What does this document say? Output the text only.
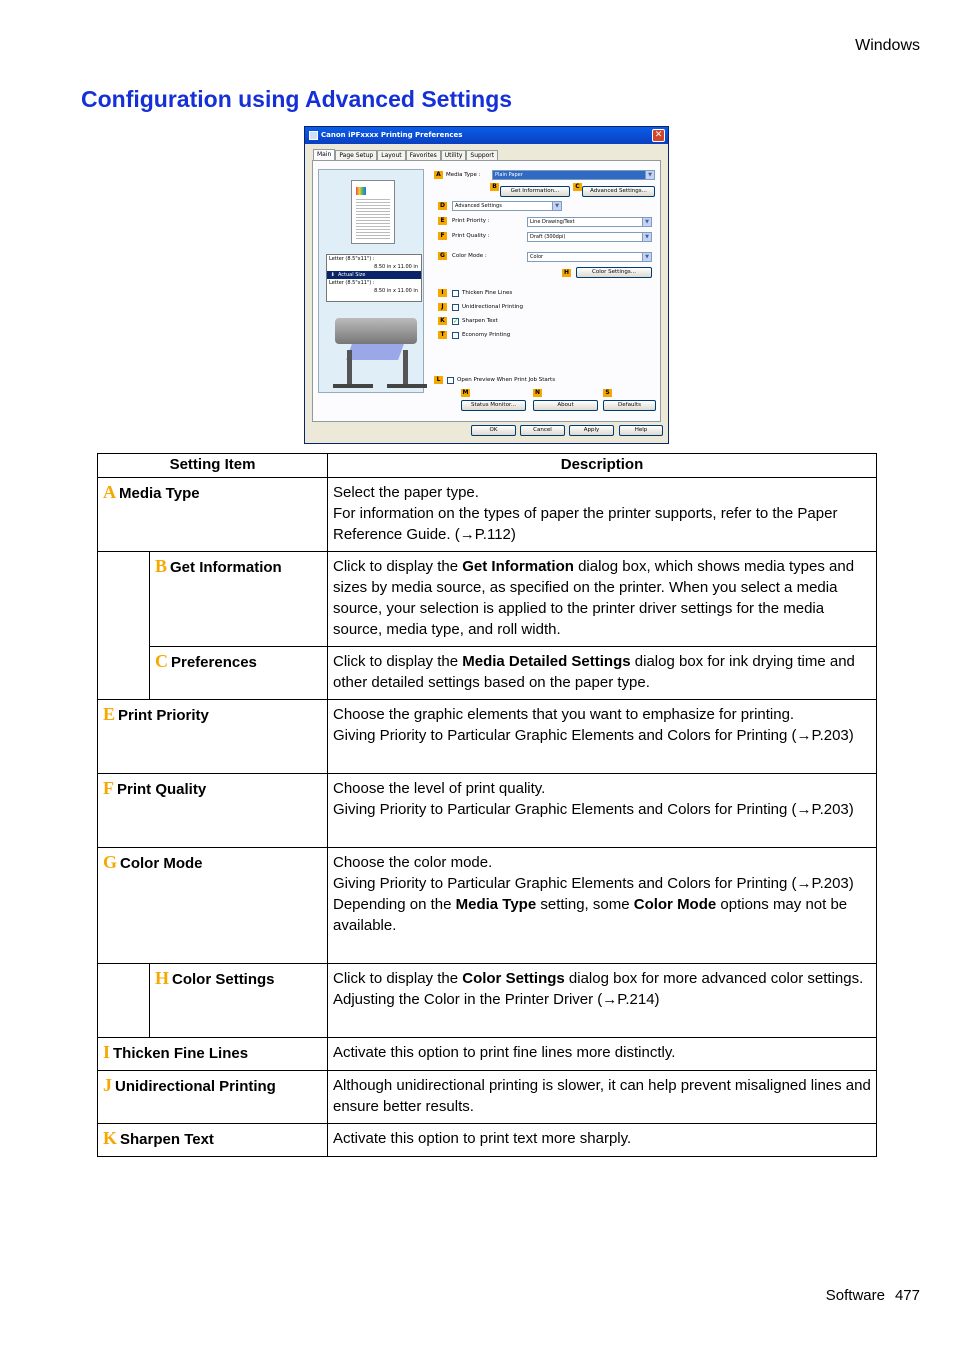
Windows
Configuration using Advanced Settings
Canon iPFxxxx Printing Preferences	✕
Main	Page Setup	Layout	Favorites	Utility	Support
Letter (8.5"x11") :
8.50 in x 11.00 in
⬇  Actual Size
Letter (8.5"x11") :
8.50 in x 11.00 in
A Media Type :	Plain Paper	▼
B
Get Information...
C
Advanced Settings...
D	Advanced Settings	▼
E	Print Priority :	Line Drawing/Text	▼
F	Print Quality :	Draft (300dpi)	▼
G	Color Mode :	Color	▼
H	Color Settings...
I	Thicken Fine Lines
J	Unidirectional Printing
K	✓ Sharpen Text
T	Economy Printing
L	Open Preview When Print Job Starts
M	N	S
Status Monitor...	About	Defaults
OK	Cancel	Apply	Help
Setting Item		Description
A Media Type		Select the paper type.
For information on the types of paper the printer supports, refer to the Paper Reference Guide. (→P.112)

	B Get Information	Click to display the Get Information dialog box, which shows media types and sizes by media source, as specified on the printer. When you select a media source, your selection is applied to the printer driver settings for the media source, media type, and roll width.
	C Preferences	Click to display the Media Detailed Settings dialog box for ink drying time and other detailed settings based on the paper type.
E Print Priority		Choose the graphic elements that you want to emphasize for printing.
Giving Priority to Particular Graphic Elements and Colors for Printing (→P.203)

F Print Quality		Choose the level of print quality.
Giving Priority to Particular Graphic Elements and Colors for Printing (→P.203)

G Color Mode		Choose the color mode.
Giving Priority to Particular Graphic Elements and Colors for Printing (→P.203)
Depending on the Media Type setting, some Color Mode options may not be available.

	H Color Settings	Click to display the Color Settings dialog box for more advanced color settings.
Adjusting the Color in the Printer Driver (→P.214)

I Thicken Fine Lines		Activate this option to print fine lines more distinctly.
J Unidirectional Printing		Although unidirectional printing is slower, it can help prevent misaligned lines and ensure better results.
K Sharpen Text		Activate this option to print text more sharply.
Software 477
